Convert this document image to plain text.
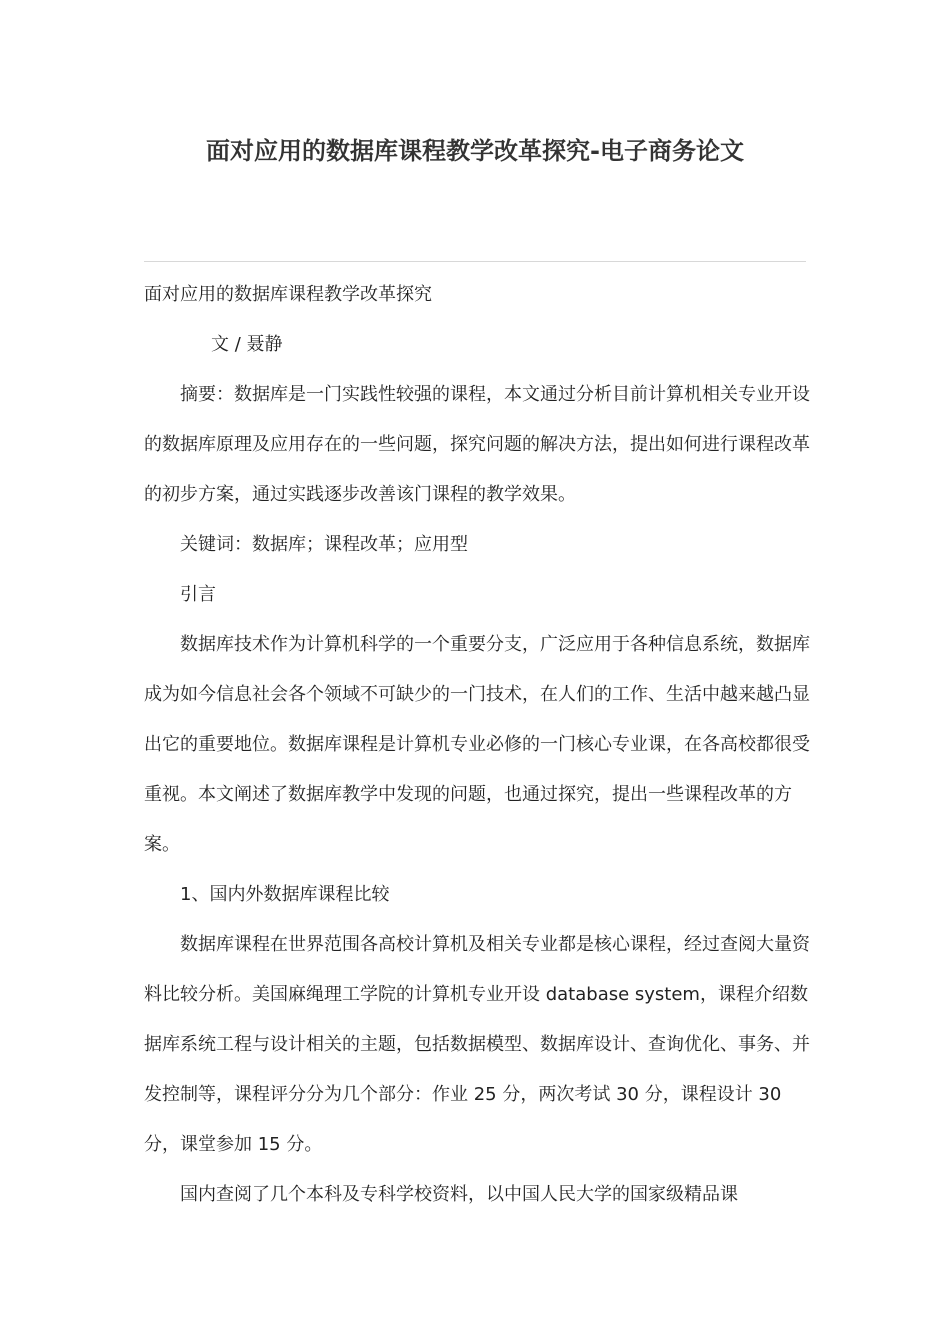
面对应用的数据库课程教学改革探究-电子商务论文

面对应用的数据库课程教学改革探究

文 / 聂静

摘要：数据库是一门实践性较强的课程，本文通过分析目前计算机相关专业开设的数据库原理及应用存在的一些问题，探究问题的解决方法，提出如何进行课程改革的初步方案，通过实践逐步改善该门课程的教学效果。

关键词：数据库；课程改革；应用型

引言

数据库技术作为计算机科学的一个重要分支，广泛应用于各种信息系统，数据库成为如今信息社会各个领域不可缺少的一门技术，在人们的工作、生活中越来越凸显出它的重要地位。数据库课程是计算机专业必修的一门核心专业课，在各高校都很受重视。本文阐述了数据库教学中发现的问题，也通过探究，提出一些课程改革的方案。

1、国内外数据库课程比较

数据库课程在世界范围各高校计算机及相关专业都是核心课程，经过查阅大量资料比较分析。美国麻绳理工学院的计算机专业开设 database system，课程介绍数据库系统工程与设计相关的主题，包括数据模型、数据库设计、查询优化、事务、并发控制等，课程评分分为几个部分：作业 25 分，两次考试 30 分，课程设计 30 分，课堂参加 15 分。

国内查阅了几个本科及专科学校资料，以中国人民大学的国家级精品课
